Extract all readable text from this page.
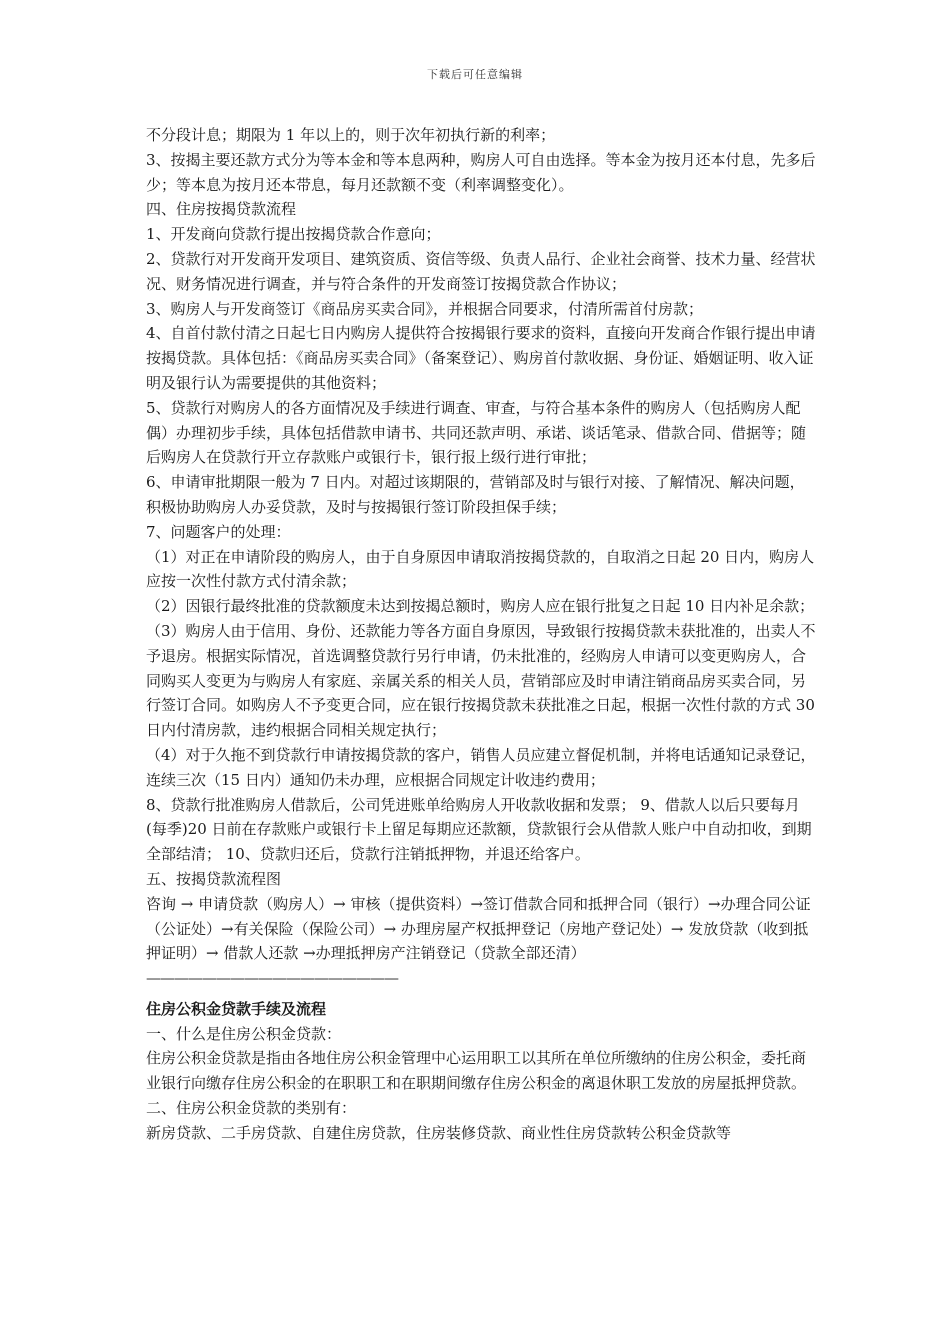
下载后可任意编辑

不分段计息；期限为 1 年以上的，则于次年初执行新的利率；

3、按揭主要还款方式分为等本金和等本息两种，购房人可自由选择。等本金为按月还本付息，先多后少；等本息为按月还本带息，每月还款额不变（利率调整变化）。

四、住房按揭贷款流程

1、开发商向贷款行提出按揭贷款合作意向；

2、贷款行对开发商开发项目、建筑资质、资信等级、负责人品行、企业社会商誉、技术力量、经营状况、财务情况进行调查，并与符合条件的开发商签订按揭贷款合作协议；

3、购房人与开发商签订《商品房买卖合同》，并根据合同要求，付清所需首付房款；

4、自首付款付清之日起七日内购房人提供符合按揭银行要求的资料，直接向开发商合作银行提出申请按揭贷款。具体包括：《商品房买卖合同》（备案登记）、购房首付款收据、身份证、婚姻证明、收入证明及银行认为需要提供的其他资料；

5、贷款行对购房人的各方面情况及手续进行调查、审查，与符合基本条件的购房人（包括购房人配偶）办理初步手续，具体包括借款申请书、共同还款声明、承诺、谈话笔录、借款合同、借据等；随后购房人在贷款行开立存款账户或银行卡，银行报上级行进行审批；

6、申请审批期限一般为 7 日内。对超过该期限的，营销部及时与银行对接、了解情况、解决问题，积极协助购房人办妥贷款，及时与按揭银行签订阶段担保手续；

7、问题客户的处理：

（1）对正在申请阶段的购房人，由于自身原因申请取消按揭贷款的，自取消之日起 20 日内，购房人应按一次性付款方式付清余款；

（2）因银行最终批准的贷款额度未达到按揭总额时，购房人应在银行批复之日起 10 日内补足余款；

（3）购房人由于信用、身份、还款能力等各方面自身原因，导致银行按揭贷款未获批准的，出卖人不予退房。根据实际情况，首选调整贷款行另行申请，仍未批准的，经购房人申请可以变更购房人，合同购买人变更为与购房人有家庭、亲属关系的相关人员，营销部应及时申请注销商品房买卖合同，另行签订合同。如购房人不予变更合同，应在银行按揭贷款未获批准之日起，根据一次性付款的方式 30 日内付清房款，违约根据合同相关规定执行；

（4）对于久拖不到贷款行申请按揭贷款的客户，销售人员应建立督促机制，并将电话通知记录登记，连续三次（15 日内）通知仍未办理，应根据合同规定计收违约费用；

8、贷款行批准购房人借款后，公司凭进账单给购房人开收款收据和发票； 9、借款人以后只要每月(每季)20 日前在存款账户或银行卡上留足每期应还款额，贷款银行会从借款人账户中自动扣收，到期全部结清； 10、贷款归还后，贷款行注销抵押物，并退还给客户。

五、按揭贷款流程图

咨询 → 申请贷款（购房人）→ 审核（提供资料）→签订借款合同和抵押合同（银行）→办理合同公证（公证处）→有关保险（保险公司）→ 办理房屋产权抵押登记（房地产登记处）→ 发放贷款（收到抵押证明）→ 借款人还款 →办理抵押房产注销登记（贷款全部还清）

——————————————————

住房公积金贷款手续及流程

一、什么是住房公积金贷款：

住房公积金贷款是指由各地住房公积金管理中心运用职工以其所在单位所缴纳的住房公积金，委托商业银行向缴存住房公积金的在职职工和在职期间缴存住房公积金的离退休职工发放的房屋抵押贷款。

二、住房公积金贷款的类别有：

新房贷款、二手房贷款、自建住房贷款，住房装修贷款、商业性住房贷款转公积金贷款等
